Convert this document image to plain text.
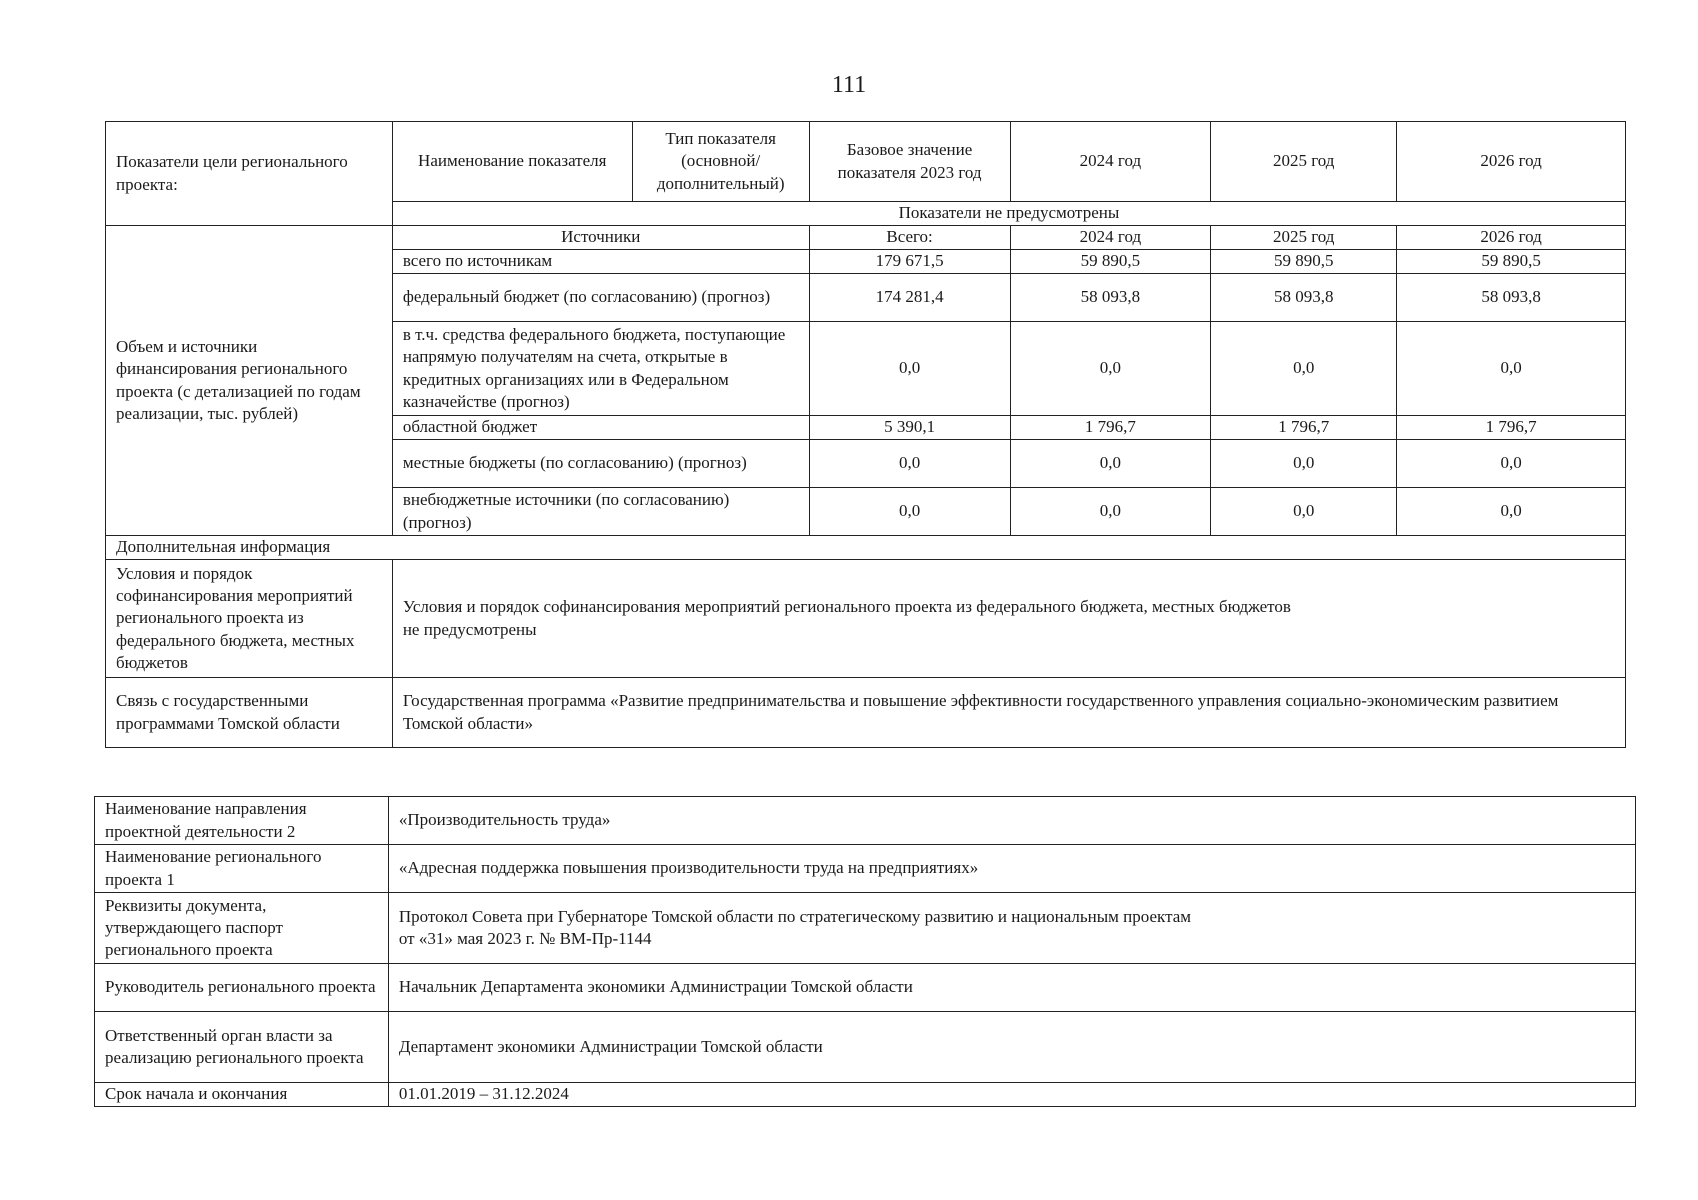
111
Показатели цели регионального проекта:	Наименование показателя	Тип показателя (основной/ дополнительный)	Базовое значение показателя 2023 год	2024 год	2025 год	2026 год
	Показатели не предусмотрены					
Объем и источники финансирования регионального проекта (с детализацией по годам реализации, тыс. рублей)	Источники		Всего:	2024 год	2025 год	2026 год
	всего по источникам		179 671,5	59 890,5	59 890,5	59 890,5
	федеральный бюджет (по согласованию) (прогноз)		174 281,4	58 093,8	58 093,8	58 093,8
	в т.ч. средства федерального бюджета, поступающие напрямую получателям на счета, открытые в кредитных организациях или в Федеральном казначействе (прогноз)		0,0	0,0	0,0	0,0
	областной бюджет		5 390,1	1 796,7	1 796,7	1 796,7
	местные бюджеты (по согласованию) (прогноз)		0,0	0,0	0,0	0,0
	внебюджетные источники (по согласованию) (прогноз)		0,0	0,0	0,0	0,0
Дополнительная информация						
Условия и порядок софинансирования мероприятий регионального проекта из федерального бюджета, местных бюджетов	Условия и порядок софинансирования мероприятий регионального проекта из федерального бюджета, местных бюджетов
не предусмотрены					

Связь с государственными программами Томской области	Государственная программа «Развитие предпринимательства и повышение эффективности государственного управления социально-экономическим развитием Томской области»					
Наименование направления проектной деятельности 2	«Производительность труда»
Наименование регионального проекта 1	«Адресная поддержка повышения производительности труда на предприятиях»
Реквизиты документа, утверждающего паспорт регионального проекта	Протокол Совета при Губернаторе Томской области по стратегическому развитию и национальным проектам
от «31» мая 2023 г. № ВМ-Пр-1144

Руководитель регионального проекта	Начальник Департамента экономики Администрации Томской области
Ответственный орган власти за реализацию регионального проекта	Департамент экономики Администрации Томской области
Срок начала и окончания	01.01.2019 – 31.12.2024
